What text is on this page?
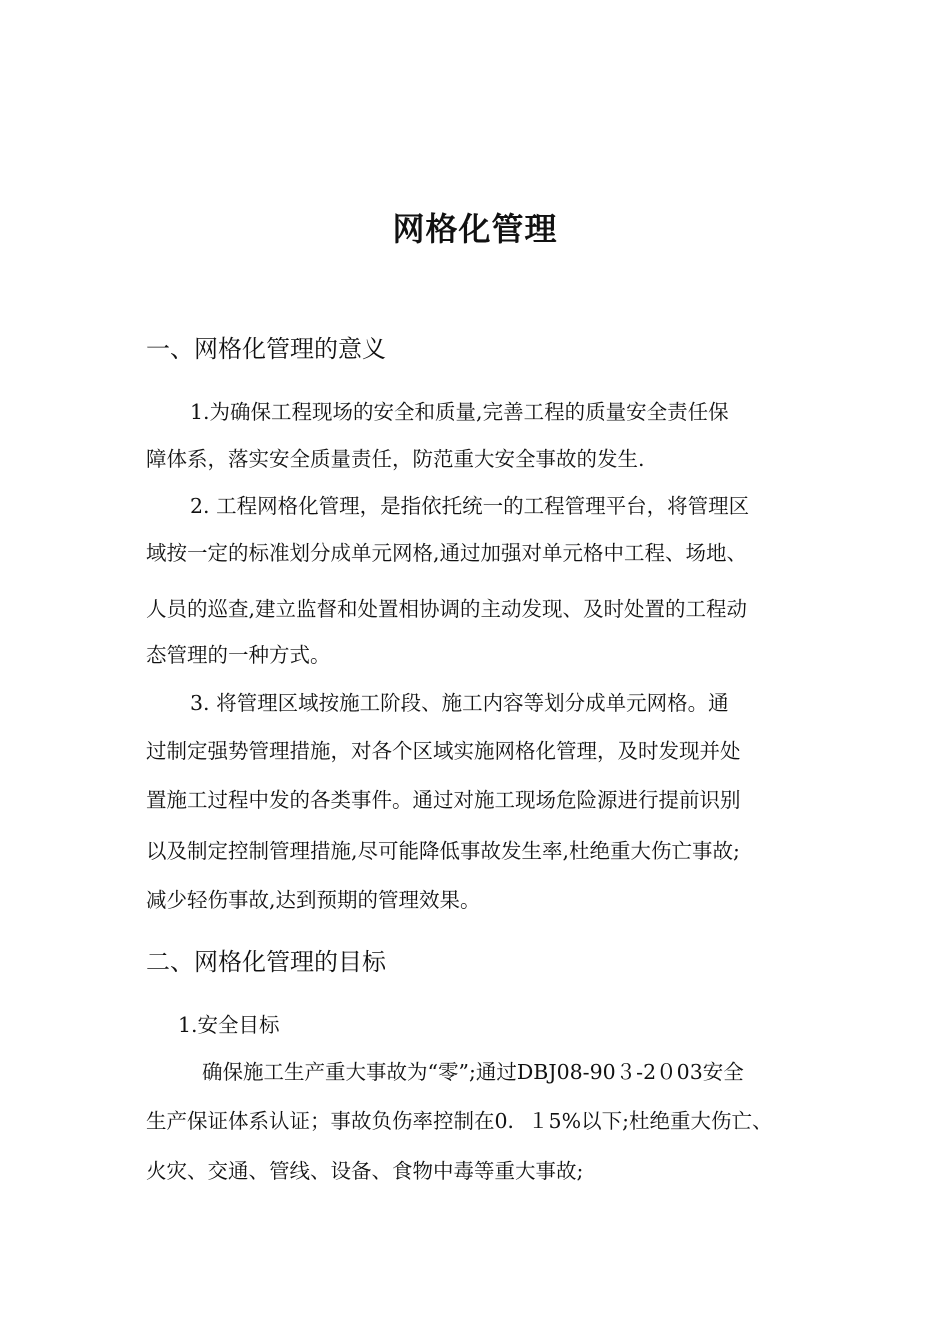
网格化管理
一、网格化管理的意义
1.为确保工程现场的安全和质量,完善工程的质量安全责任保
障体系，落实安全质量责任，防范重大安全事故的发生.
2. 工程网格化管理，是指依托统一的工程管理平台，将管理区
域按一定的标准划分成单元网格,通过加强对单元格中工程、场地、
人员的巡查,建立监督和处置相协调的主动发现、及时处置的工程动
态管理的一种方式。
3. 将管理区域按施工阶段、施工内容等划分成单元网格。通
过制定强势管理措施，对各个区域实施网格化管理，及时发现并处
置施工过程中发的各类事件。通过对施工现场危险源进行提前识别
以及制定控制管理措施,尽可能降低事故发生率,杜绝重大伤亡事故;
减少轻伤事故,达到预期的管理效果。
二、网格化管理的目标
1.安全目标
确保施工生产重大事故为“零”;通过DBJ08-90３-2０03安全
生产保证体系认证；事故负伤率控制在0．１5%以下;杜绝重大伤亡、
火灾、交通、管线、设备、食物中毒等重大事故;
